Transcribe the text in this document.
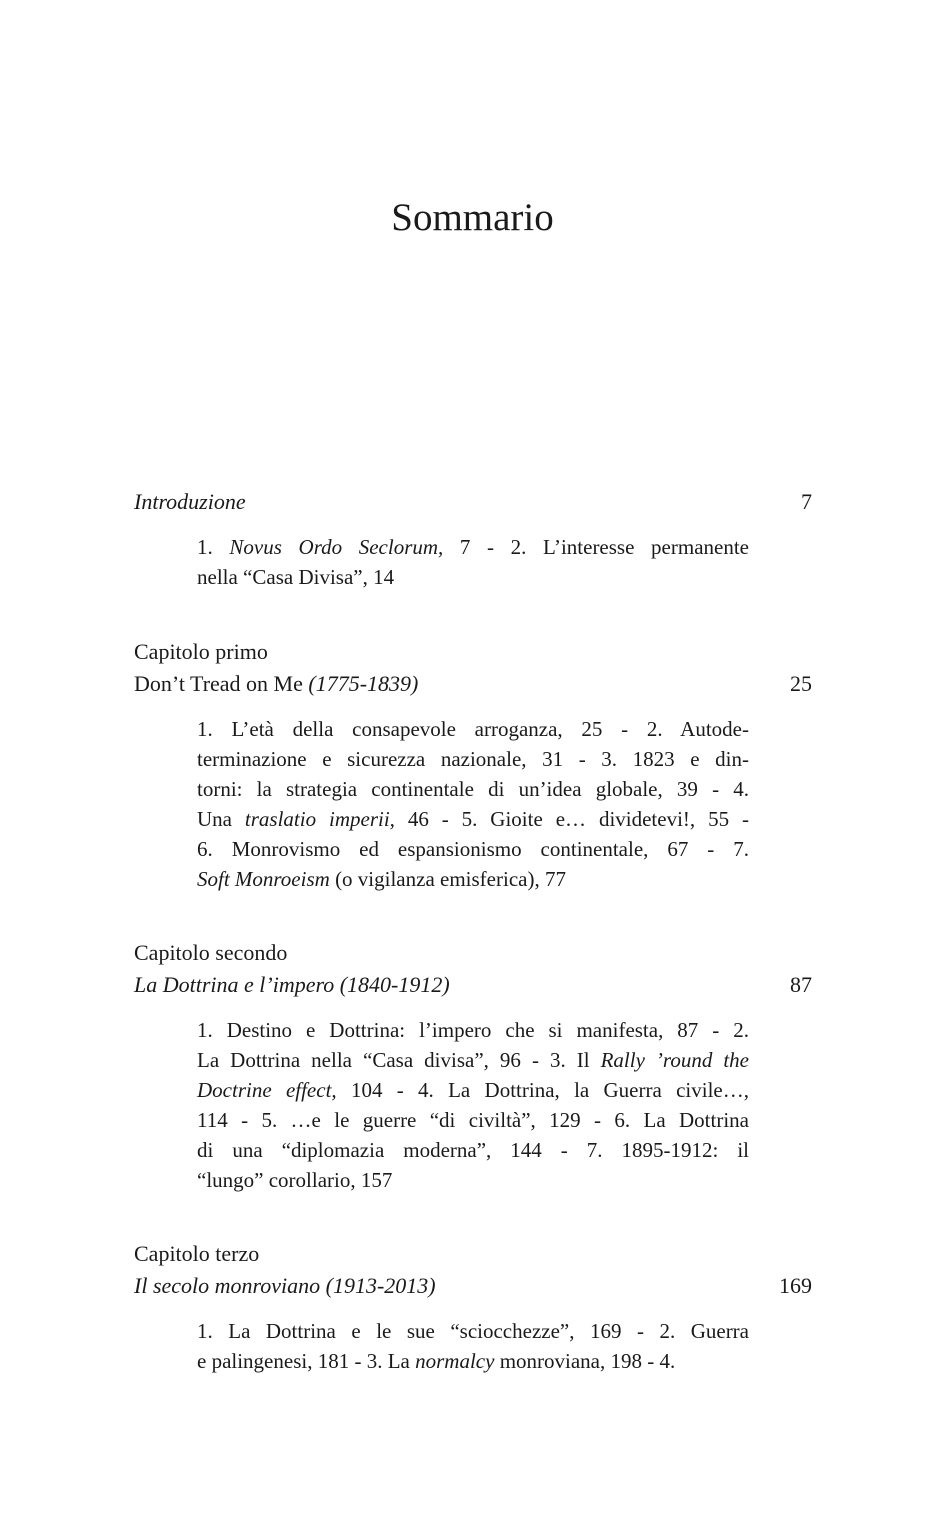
Sommario
Introduzione	7
1. Novus Ordo Seclorum, 7 - 2. L’interesse permanente
nella “Casa Divisa”, 14
Capitolo primo
Don’t Tread on Me (1775-1839)	25
1. L’età della consapevole arroganza, 25 - 2. Autode-
terminazione e sicurezza nazionale, 31 - 3. 1823 e din-
torni: la strategia continentale di un’idea globale, 39 - 4.
Una traslatio imperii, 46 - 5. Gioite e… dividetevi!, 55 -
6. Monrovismo ed espansionismo continentale, 67 - 7.
Soft Monroeism (o vigilanza emisferica), 77
Capitolo secondo
La Dottrina e l’impero (1840-1912)	87
1. Destino e Dottrina: l’impero che si manifesta, 87 - 2.
La Dottrina nella “Casa divisa”, 96 - 3. Il Rally ’round the
Doctrine effect, 104 - 4. La Dottrina, la Guerra civile…,
114 - 5. …e le guerre “di civiltà”, 129 - 6. La Dottrina
di una “diplomazia moderna”, 144 - 7. 1895-1912: il
“lungo” corollario, 157
Capitolo terzo
Il secolo monroviano (1913-2013)	169
1. La Dottrina e le sue “sciocchezze”, 169 - 2. Guerra
e palingenesi, 181 - 3. La normalcy monroviana, 198 - 4.
